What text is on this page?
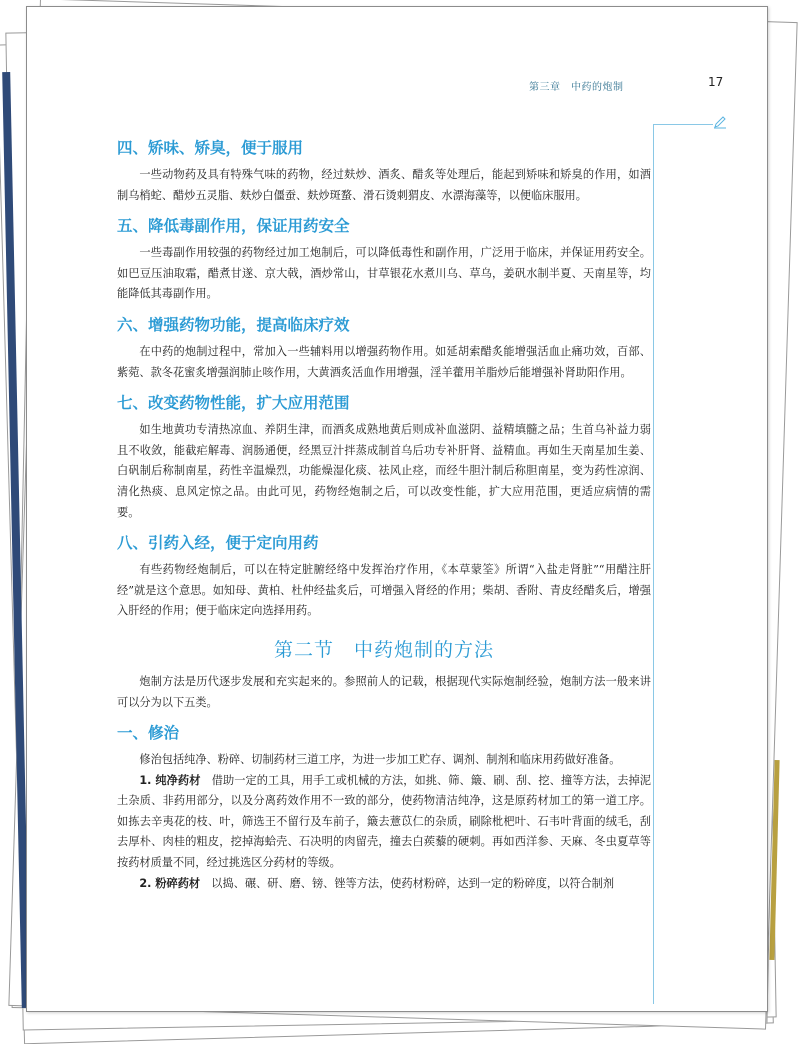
第三章　中药的炮制	17
四、矫味、矫臭，便于服用

一些动物药及具有特殊气味的药物，经过麸炒、酒炙、醋炙等处理后，能起到矫味和矫臭的作用，如酒制乌梢蛇、醋炒五灵脂、麸炒白僵蚕、麸炒斑蝥、滑石烫刺猬皮、水漂海藻等，以便临床服用。

五、降低毒副作用，保证用药安全

一些毒副作用较强的药物经过加工炮制后，可以降低毒性和副作用，广泛用于临床，并保证用药安全。如巴豆压油取霜，醋煮甘遂、京大戟，酒炒常山，甘草银花水煮川乌、草乌，姜矾水制半夏、天南星等，均能降低其毒副作用。

六、增强药物功能，提高临床疗效

在中药的炮制过程中，常加入一些辅料用以增强药物作用。如延胡索醋炙能增强活血止痛功效，百部、紫菀、款冬花蜜炙增强润肺止咳作用，大黄酒炙活血作用增强，淫羊藿用羊脂炒后能增强补肾助阳作用。

七、改变药物性能，扩大应用范围

如生地黄功专清热凉血、养阴生津，而酒炙成熟地黄后则成补血滋阴、益精填髓之品；生首乌补益力弱且不收敛，能截疟解毒、润肠通便，经黑豆汁拌蒸成制首乌后功专补肝肾、益精血。再如生天南星加生姜、白矾制后称制南星，药性辛温燥烈，功能燥湿化痰、祛风止痉，而经牛胆汁制后称胆南星，变为药性凉润、清化热痰、息风定惊之品。由此可见，药物经炮制之后，可以改变性能，扩大应用范围，更适应病情的需要。

八、引药入经，便于定向用药

有些药物经炮制后，可以在特定脏腑经络中发挥治疗作用，《本草蒙筌》所谓“入盐走肾脏”“用醋注肝经”就是这个意思。如知母、黄柏、杜仲经盐炙后，可增强入肾经的作用；柴胡、香附、青皮经醋炙后，增强入肝经的作用；便于临床定向选择用药。

第二节　中药炮制的方法

炮制方法是历代逐步发展和充实起来的。参照前人的记载，根据现代实际炮制经验，炮制方法一般来讲可以分为以下五类。

一、修治

修治包括纯净、粉碎、切制药材三道工序，为进一步加工贮存、调剂、制剂和临床用药做好准备。

1. 纯净药材　 借助一定的工具，用手工或机械的方法，如挑、筛、簸、刷、刮、挖、撞等方法，去掉泥土杂质、非药用部分，以及分离药效作用不一致的部分，使药物清洁纯净，这是原药材加工的第一道工序。如拣去辛夷花的枝、叶，筛选王不留行及车前子，簸去薏苡仁的杂质，刷除枇杷叶、石韦叶背面的绒毛，刮去厚朴、肉桂的粗皮，挖掉海蛤壳、石决明的肉留壳，撞去白蒺藜的硬刺。再如西洋参、天麻、冬虫夏草等按药材质量不同，经过挑选区分药材的等级。

2. 粉碎药材　 以捣、碾、研、磨、镑、锉等方法，使药材粉碎，达到一定的粉碎度，以符合制剂
